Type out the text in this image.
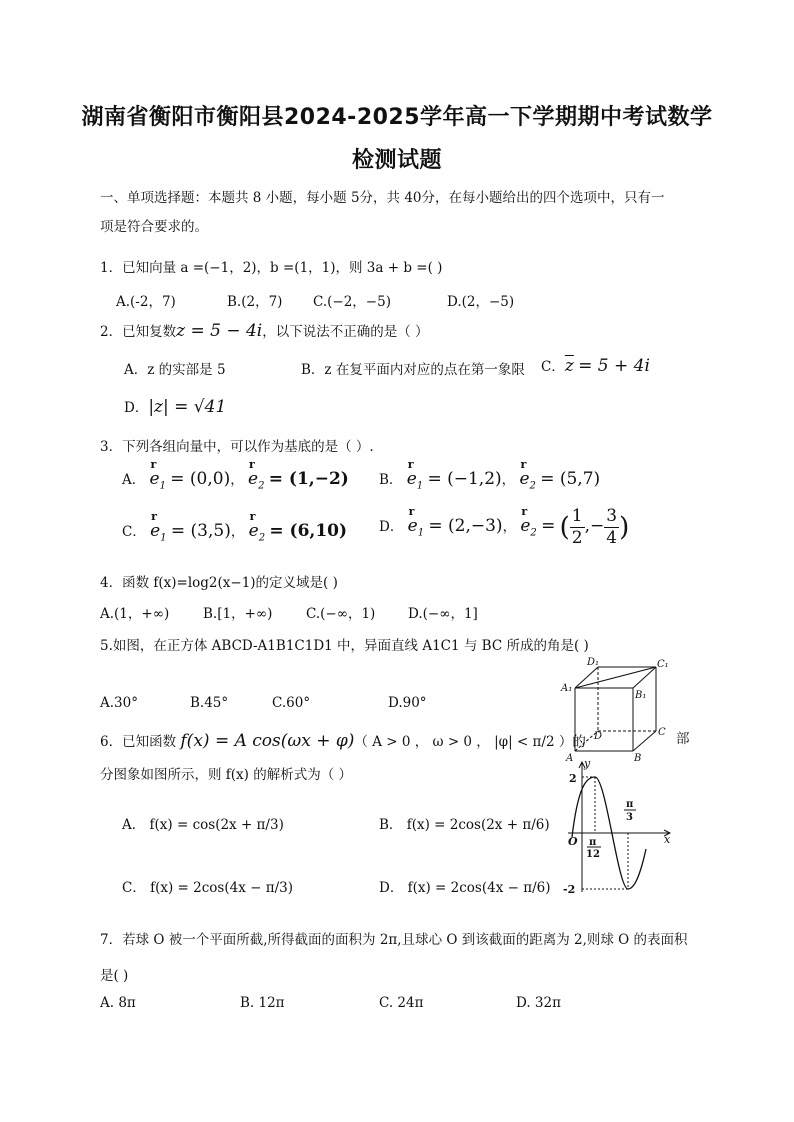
湖南省衡阳市衡阳县2024-2025学年高一下学期期中考试数学
检测试题
一、单项选择题：本题共 8 小题，每小题 5分，共 40分，在每小题给出的四个选项中，只有一
项是符合要求的。
1．已知向量 a =(−1，2)，b =(1，1)，则 3a + b =( )
A.(-2，7)	B.(2，7) C.(−2，−5)	D.(2，−5)
2．已知复数z = 5 − 4i，以下说法不正确的是（ ）
A．z 的实部是 5	B．z 在复平面内对应的点在第一象限 C．$\overline{z} = 5 + 4i$
D．|z| = √41
3．下列各组向量中，可以作为基底的是（ ）.
A． r $e_1 = (0,0)$， r $e_2 = (1,-2)$ B． r $e_1 = (-1,2)$， r $e_2 = (5,7)$
C． r $e_1 = (3,5)$， r $e_2 = (6,10)$ D． r $e_1 = (2,-3)$， r $e_2$ = ( $\frac{1}{2}$ ,− $\frac{3}{4}$ )
4．函数 f(x)=log2(x−1)的定义域是( )
A.(1，+∞)	B.[1，+∞) C.(−∞，1) D.(−∞，1]
5.如图，在正方体 ABCD-A1B1C1D1 中，异面直线 A1C1 与 BC 所成的角是( )
A.30°	B.45°	C.60°	D.90°
D₁	C₁
A₁
B₁
D	C
A	B
6．已知函数 f(x) = A cos(ωx + φ)（ A > 0 ， ω > 0 ， |φ| < π/2 ）的	部
分图象如图所示，则 f(x) 的解析式为（ ）
A． f(x) = cos(2x + π/3)	B． f(x) = 2cos(2x + π/6)
C． f(x) = 2cos(4x − π/3)	D． f(x) = 2cos(4x − π/6)
y
x
O
2
-2
π
12
π
3
7．若球 O 被一个平面所截,所得截面的面积为 2π,且球心 O 到该截面的距离为 2,则球 O 的表面积
是( )
A. 8π	B. 12π	C. 24π	D. 32π
